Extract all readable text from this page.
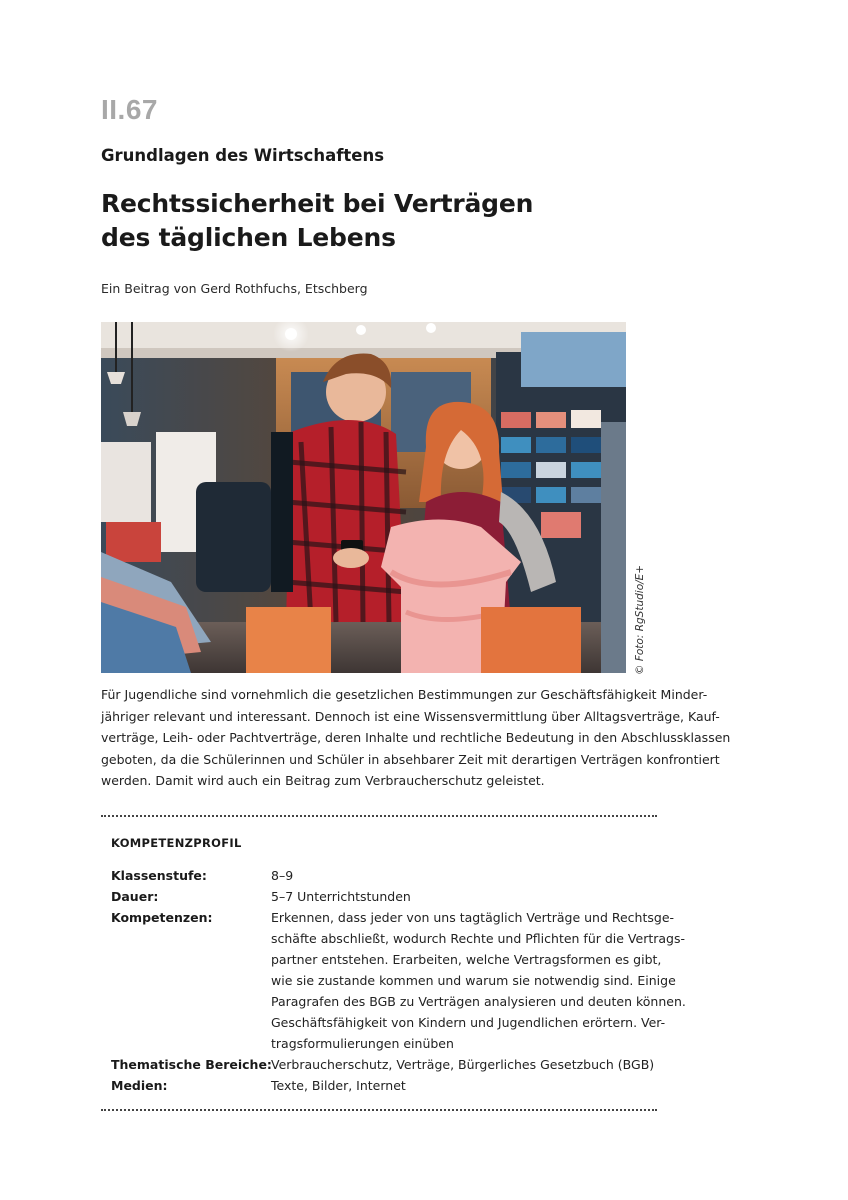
II.67
Grundlagen des Wirtschaftens
Rechtssicherheit bei Verträgen
des täglichen Lebens
Ein Beitrag von Gerd Rothfuchs, Etschberg
© Foto: RgStudio/E+
Für Jugendliche sind vornehmlich die gesetzlichen Bestimmungen zur Geschäftsfähigkeit Minder-
jähriger relevant und interessant. Dennoch ist eine Wissensvermittlung über Alltagsverträge, Kauf-
verträge, Leih- oder Pachtverträge, deren Inhalte und rechtliche Bedeutung in den Abschlussklassen
geboten, da die Schülerinnen und Schüler in absehbarer Zeit mit derartigen Verträgen konfrontiert
werden. Damit wird auch ein Beitrag zum Verbraucherschutz geleistet.
KOMPETENZPROFIL
Klassenstufe:	8–9
Dauer:	5–7 Unterrichtstunden
Kompetenzen:	Erkennen, dass jeder von uns tagtäglich Verträge und Rechtsge-
schäfte abschließt, wodurch Rechte und Pflichten für die Vertrags-
partner entstehen. Erarbeiten, welche Vertragsformen es gibt,
wie sie zustande kommen und warum sie notwendig sind. Einige
Paragrafen des BGB zu Verträgen analysieren und deuten können.
Geschäftsfähigkeit von Kindern und Jugendlichen erörtern. Ver-
tragsformulierungen einüben
Thematische Bereiche: Verbraucherschutz, Verträge, Bürgerliches Gesetzbuch (BGB)
Medien:	Texte, Bilder, Internet
